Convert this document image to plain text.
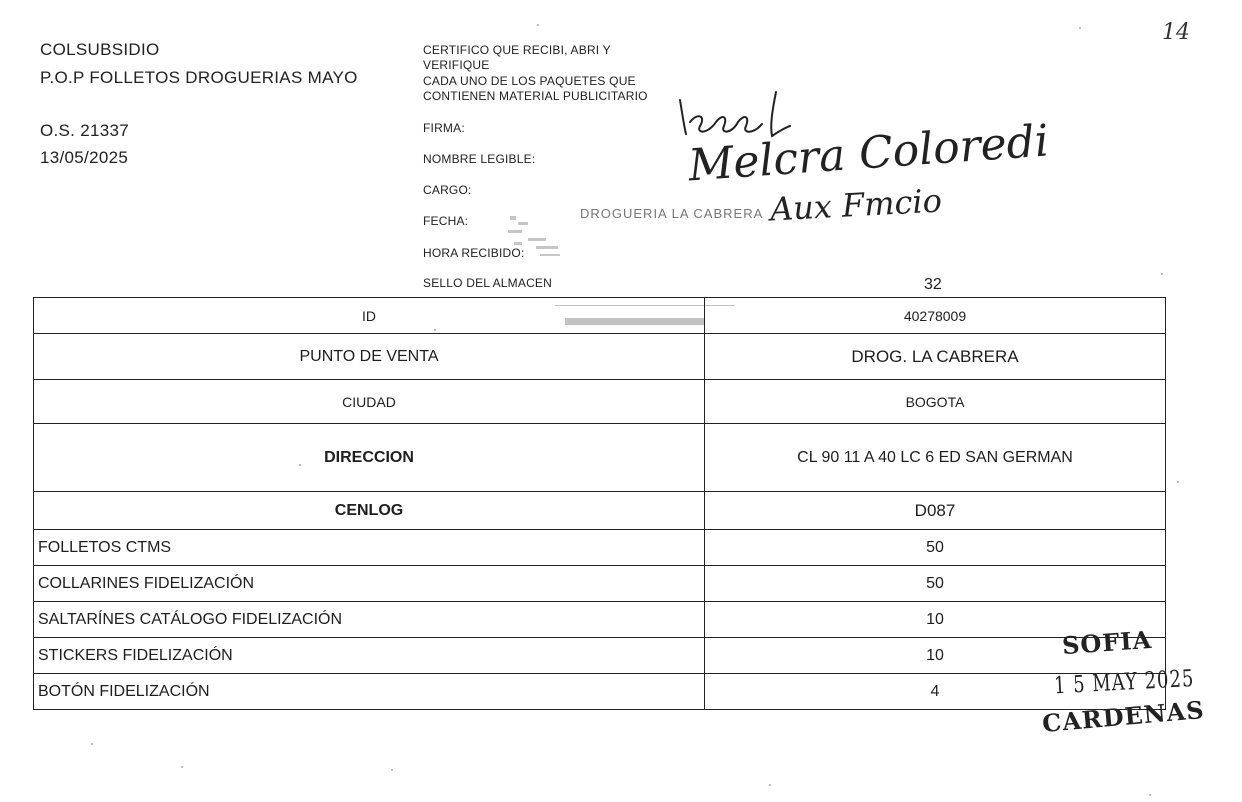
COLSUBSIDIO
P.O.P FOLLETOS DROGUERIAS MAYO
O.S. 21337
13/05/2025
CERTIFICO QUE RECIBI, ABRI Y
VERIFIQUE
CADA UNO DE LOS PAQUETES QUE
CONTIENEN MATERIAL PUBLICITARIO
FIRMA:
NOMBRE LEGIBLE:
CARGO:
FECHA:
HORA RECIBIDO:
SELLO DEL ALMACEN
14
Melcra Coloredi
Aux Fmcio
DROGUERIA LA CABRERA
32
ID	40278009
PUNTO DE VENTA	DROG. LA CABRERA
CIUDAD	BOGOTA
DIRECCION	CL 90 11 A 40 LC 6 ED SAN GERMAN
CENLOG	D087
FOLLETOS CTMS	50
COLLARINES FIDELIZACIÓN	50
SALTARÍNES CATÁLOGO FIDELIZACIÓN	10
STICKERS FIDELIZACIÓN	10
BOTÓN FIDELIZACIÓN	4
SOFIA
1 5 MAY 2025
CARDENAS
